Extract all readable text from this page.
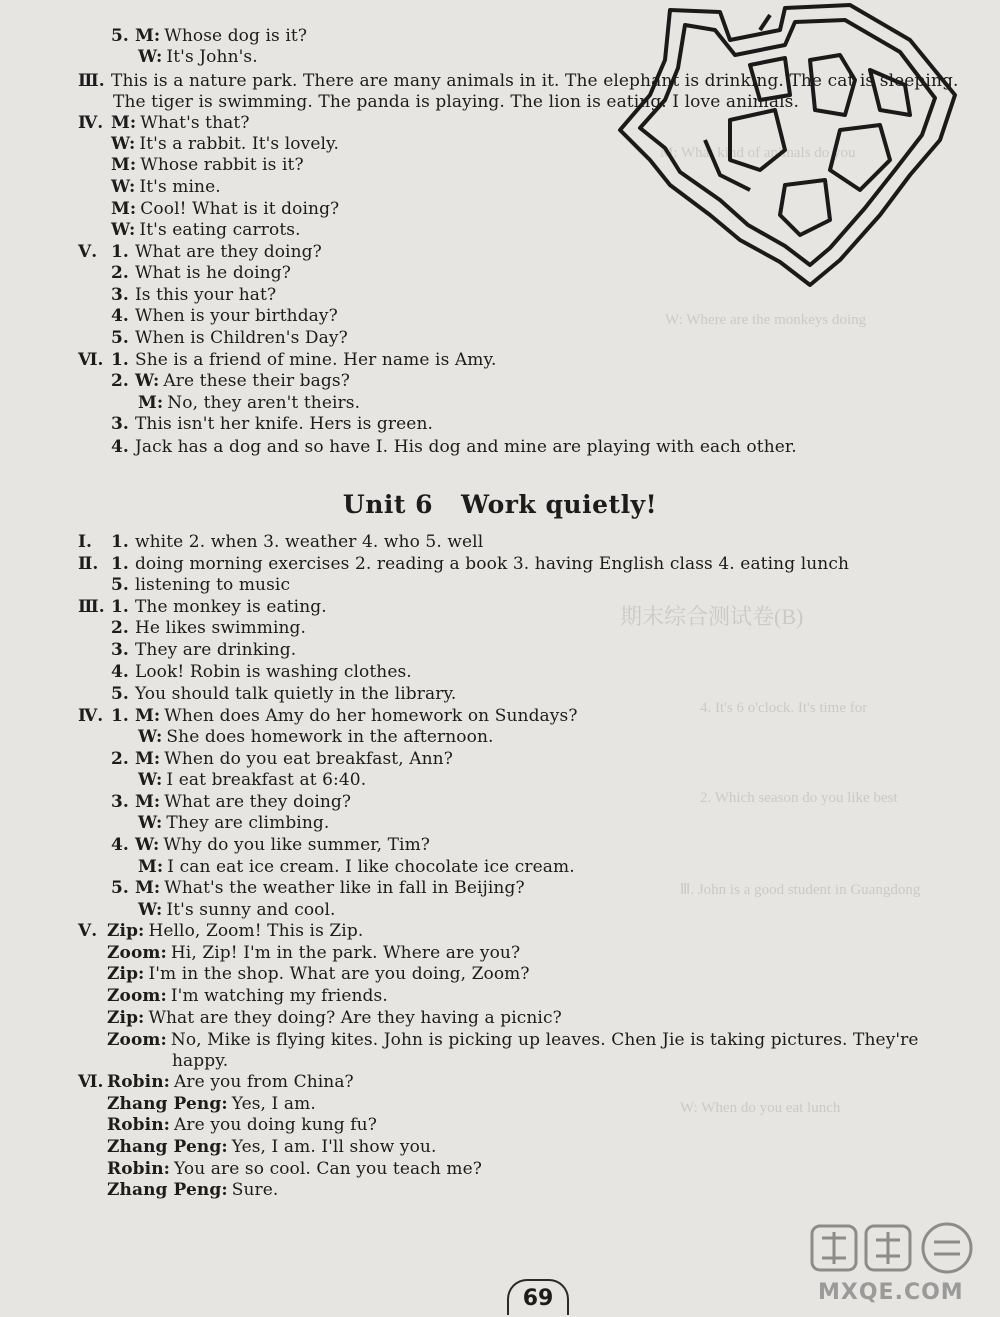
M: What kind of animals do you
W: Where are the monkeys doing
期末综合测试卷(B)
4. It's 6 o'clock. It's time for
2. Which season do you like best
Ⅲ. John is a good student in Guangdong
W: When do you eat lunch
5. M: Whose dog is it?
W: It's John's.
Ⅲ. This is a nature park. There are many animals in it. The elephant is drinking. The cat is sleeping.
The tiger is swimming. The panda is playing. The lion is eating. I love animals.
Ⅳ. M: What's that?
W: It's a rabbit. It's lovely.
M: Whose rabbit is it?
W: It's mine.
M: Cool! What is it doing?
W: It's eating carrots.
Ⅴ. 1. What are they doing?
2. What is he doing?
3. Is this your hat?
4. When is your birthday?
5. When is Children's Day?
Ⅵ. 1. She is a friend of mine. Her name is Amy.
2. W: Are these their bags?
M: No, they aren't theirs.
3. This isn't her knife. Hers is green.
4. Jack has a dog and so have I. His dog and mine are playing with each other.
Ⅰ. 1. white 2. when 3. weather 4. who 5. well
Ⅱ. 1. doing morning exercises 2. reading a book 3. having English class 4. eating lunch
5. listening to music
Ⅲ. 1. The monkey is eating.
2. He likes swimming.
3. They are drinking.
4. Look! Robin is washing clothes.
5. You should talk quietly in the library.
Ⅳ. 1. M: When does Amy do her homework on Sundays?
W: She does homework in the afternoon.
2. M: When do you eat breakfast, Ann?
W: I eat breakfast at 6:40.
3. M: What are they doing?
W: They are climbing.
4. W: Why do you like summer, Tim?
M: I can eat ice cream. I like chocolate ice cream.
5. M: What's the weather like in fall in Beijing?
W: It's sunny and cool.
Ⅴ. Zip: Hello, Zoom! This is Zip.
Zoom: Hi, Zip! I'm in the park. Where are you?
Zip: I'm in the shop. What are you doing, Zoom?
Zoom: I'm watching my friends.
Zip: What are they doing? Are they having a picnic?
Zoom: No, Mike is flying kites. John is picking up leaves. Chen Jie is taking pictures. They're
happy.
Ⅵ. Robin: Are you from China?
Zhang Peng: Yes, I am.
Robin: Are you doing kung fu?
Zhang Peng: Yes, I am. I'll show you.
Robin: You are so cool. Can you teach me?
Zhang Peng: Sure.
Unit 6 Work quietly!
69	MXQE.COM
